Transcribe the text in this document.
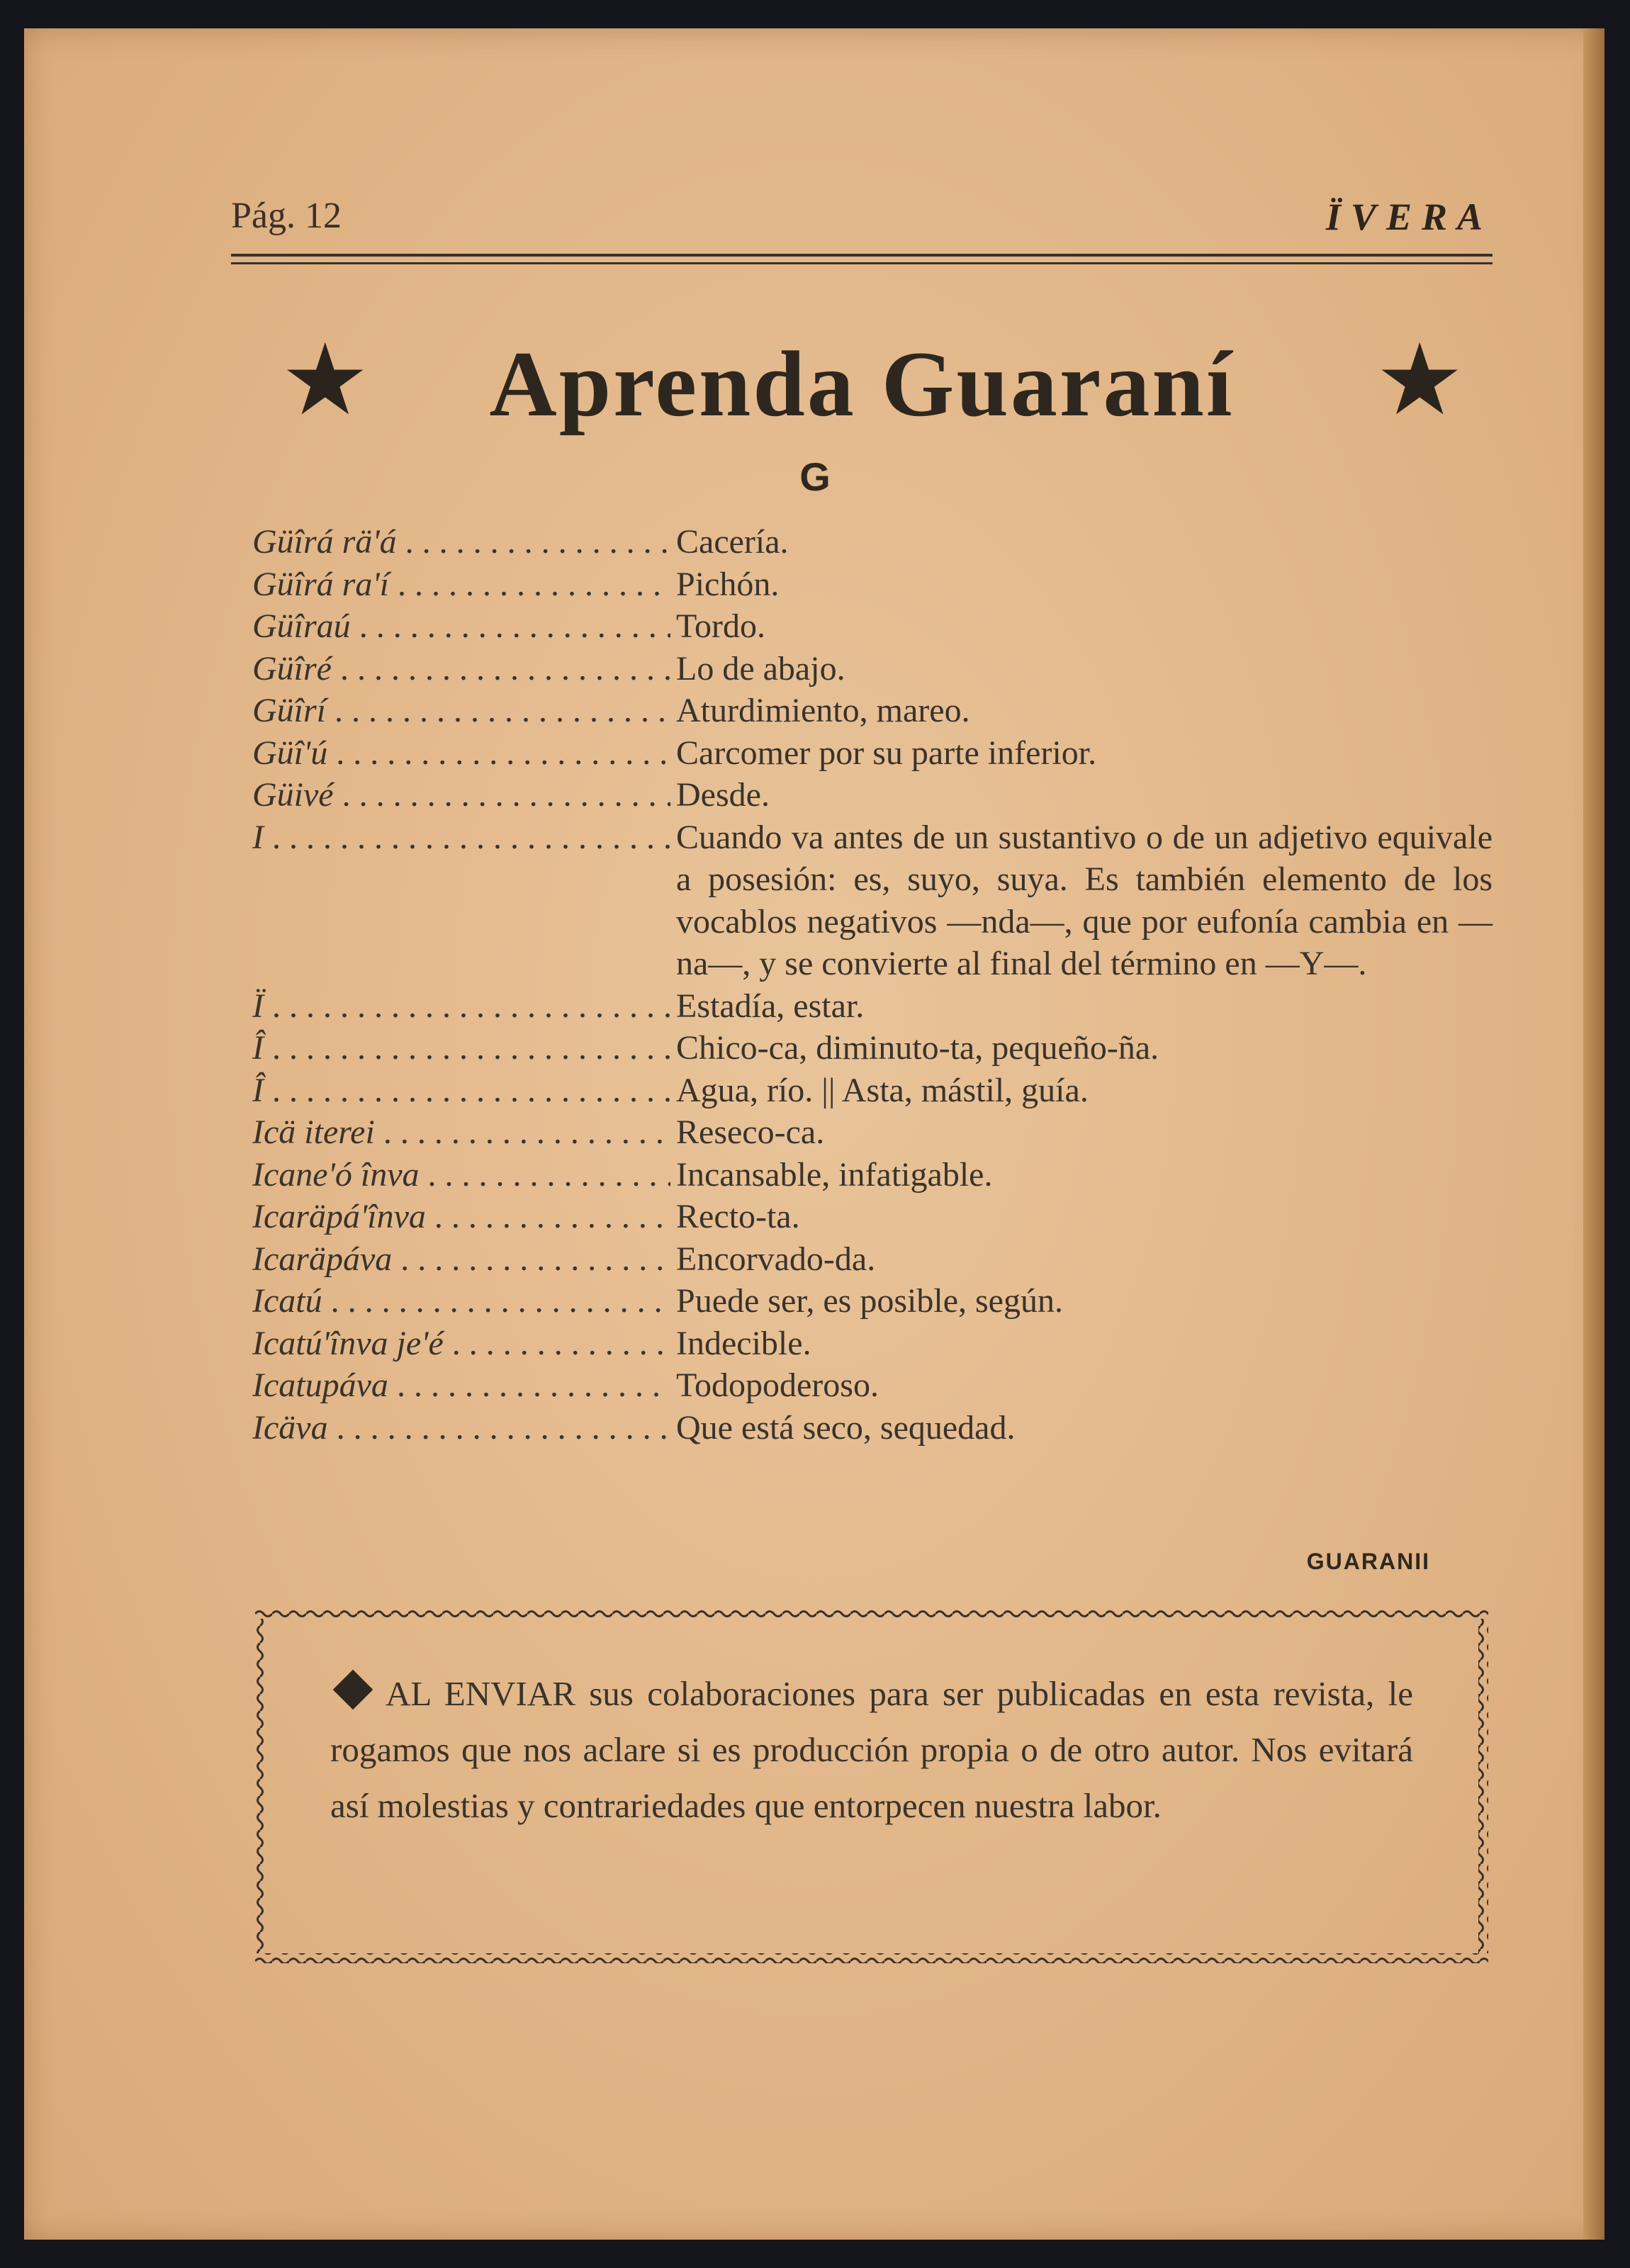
Pág. 12	ÏVERA
★	Aprenda Guaraní	★
G
Güîrá rä'á . . .	Cacería.
Güîrá ra'í . . .	Pichón.
Güîraú . . .	Tordo.
Güîré . . .	Lo de abajo.
Güîrí . . .	Aturdimiento, mareo.
Güî'ú . . .	Carcomer por su parte inferior.
Güivé . . .	Desde.
I . . .	Cuando va antes de un sustantivo o de un adjetivo equivale a posesión: es, suyo, suya. Es también elemento de los vocablos negativos —nda—, que por eufonía cambia en —na—, y se convierte al final del término en —Y—.
Ï . . .	Estadía, estar.
Î . . .	Chico-ca, diminuto-ta, pequeño-ña.
Î . . .	Agua, río. || Asta, mástil, guía.
Icä iterei . . .	Reseco-ca.
Icane'ó înva . . .	Incansable, infatigable.
Icaräpá'înva . . .	Recto-ta.
Icaräpáva . . .	Encorvado-da.
Icatú . . .	Puede ser, es posible, según.
Icatú'înva je'é . . .	Indecible.
Icatupáva . . .	Todopoderoso.
Icäva . . .	Que está seco, sequedad.
GUARANII
AL ENVIAR sus colaboraciones para ser publicadas en esta revista, le rogamos que nos aclare si es producción propia o de otro autor. Nos evitará así molestias y contrariedades que entorpecen nuestra labor.
